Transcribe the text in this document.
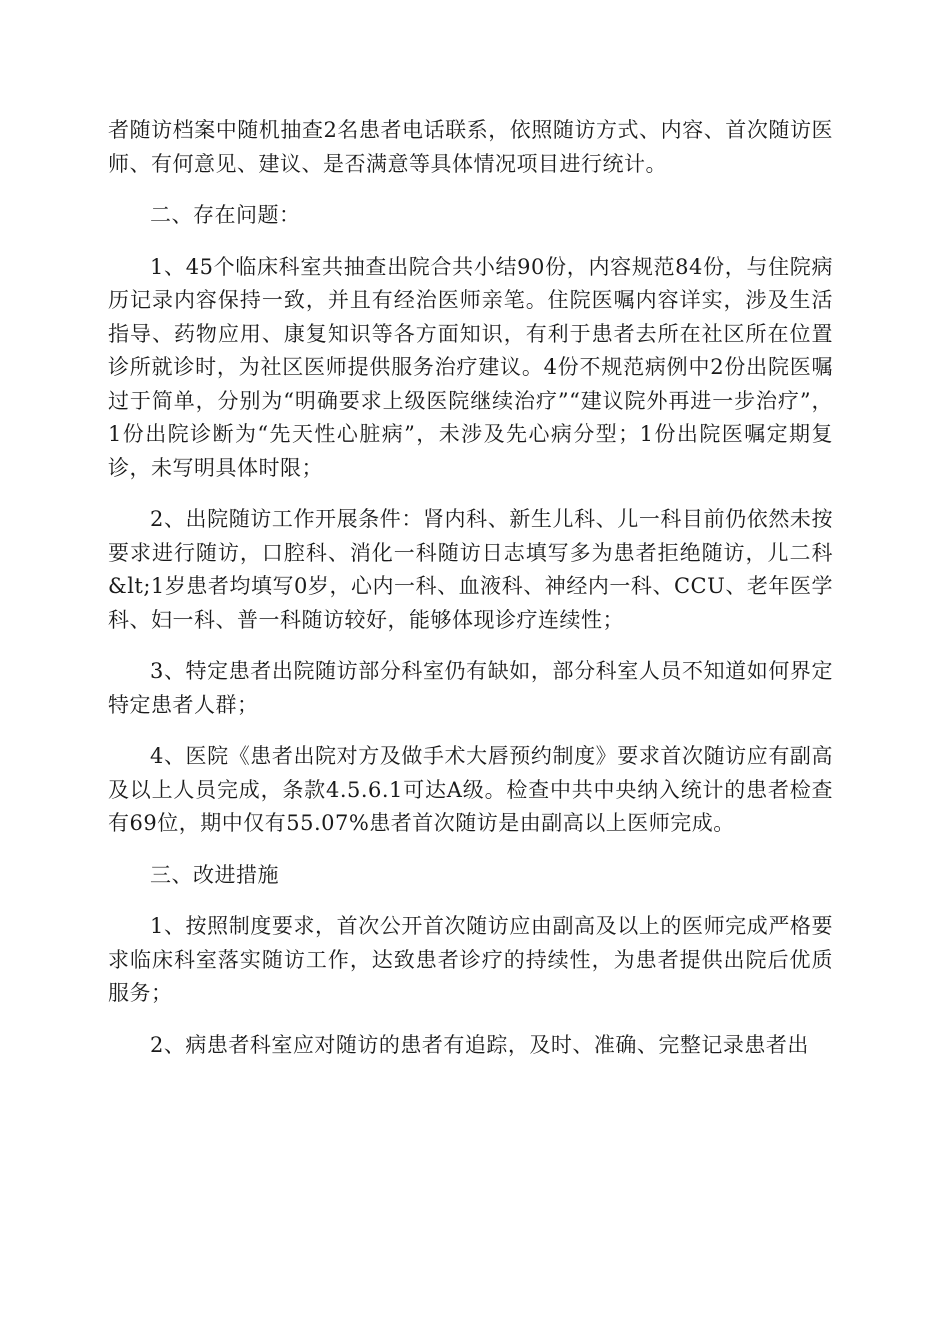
者随访档案中随机抽查2名患者电话联系，依照随访方式、内容、首次随访医师、有何意见、建议、是否满意等具体情况项目进行统计。

二、存在问题：

1、45个临床科室共抽查出院合共小结90份，内容规范84份，与住院病历记录内容保持一致，并且有经治医师亲笔。住院医嘱内容详实，涉及生活指导、药物应用、康复知识等各方面知识，有利于患者去所在社区所在位置诊所就诊时，为社区医师提供服务治疗建议。4份不规范病例中2份出院医嘱过于简单，分别为“明确要求上级医院继续治疗”“建议院外再进一步治疗”，1份出院诊断为“先天性心脏病”，未涉及先心病分型；1份出院医嘱定期复诊，未写明具体时限；

2、出院随访工作开展条件：肾内科、新生儿科、儿一科目前仍依然未按要求进行随访，口腔科、消化一科随访日志填写多为患者拒绝随访，儿二科&lt;1岁患者均填写0岁，心内一科、血液科、神经内一科、CCU、老年医学科、妇一科、普一科随访较好，能够体现诊疗连续性；

3、特定患者出院随访部分科室仍有缺如，部分科室人员不知道如何界定特定患者人群；

4、医院《患者出院对方及做手术大唇预约制度》要求首次随访应有副高及以上人员完成，条款4.5.6.1可达A级。检查中共中央纳入统计的患者检查有69位，期中仅有55.07%患者首次随访是由副高以上医师完成。

三、改进措施

1、按照制度要求，首次公开首次随访应由副高及以上的医师完成严格要求临床科室落实随访工作，达致患者诊疗的持续性，为患者提供出院后优质服务；

2、病患者科室应对随访的患者有追踪，及时、准确、完整记录患者出
